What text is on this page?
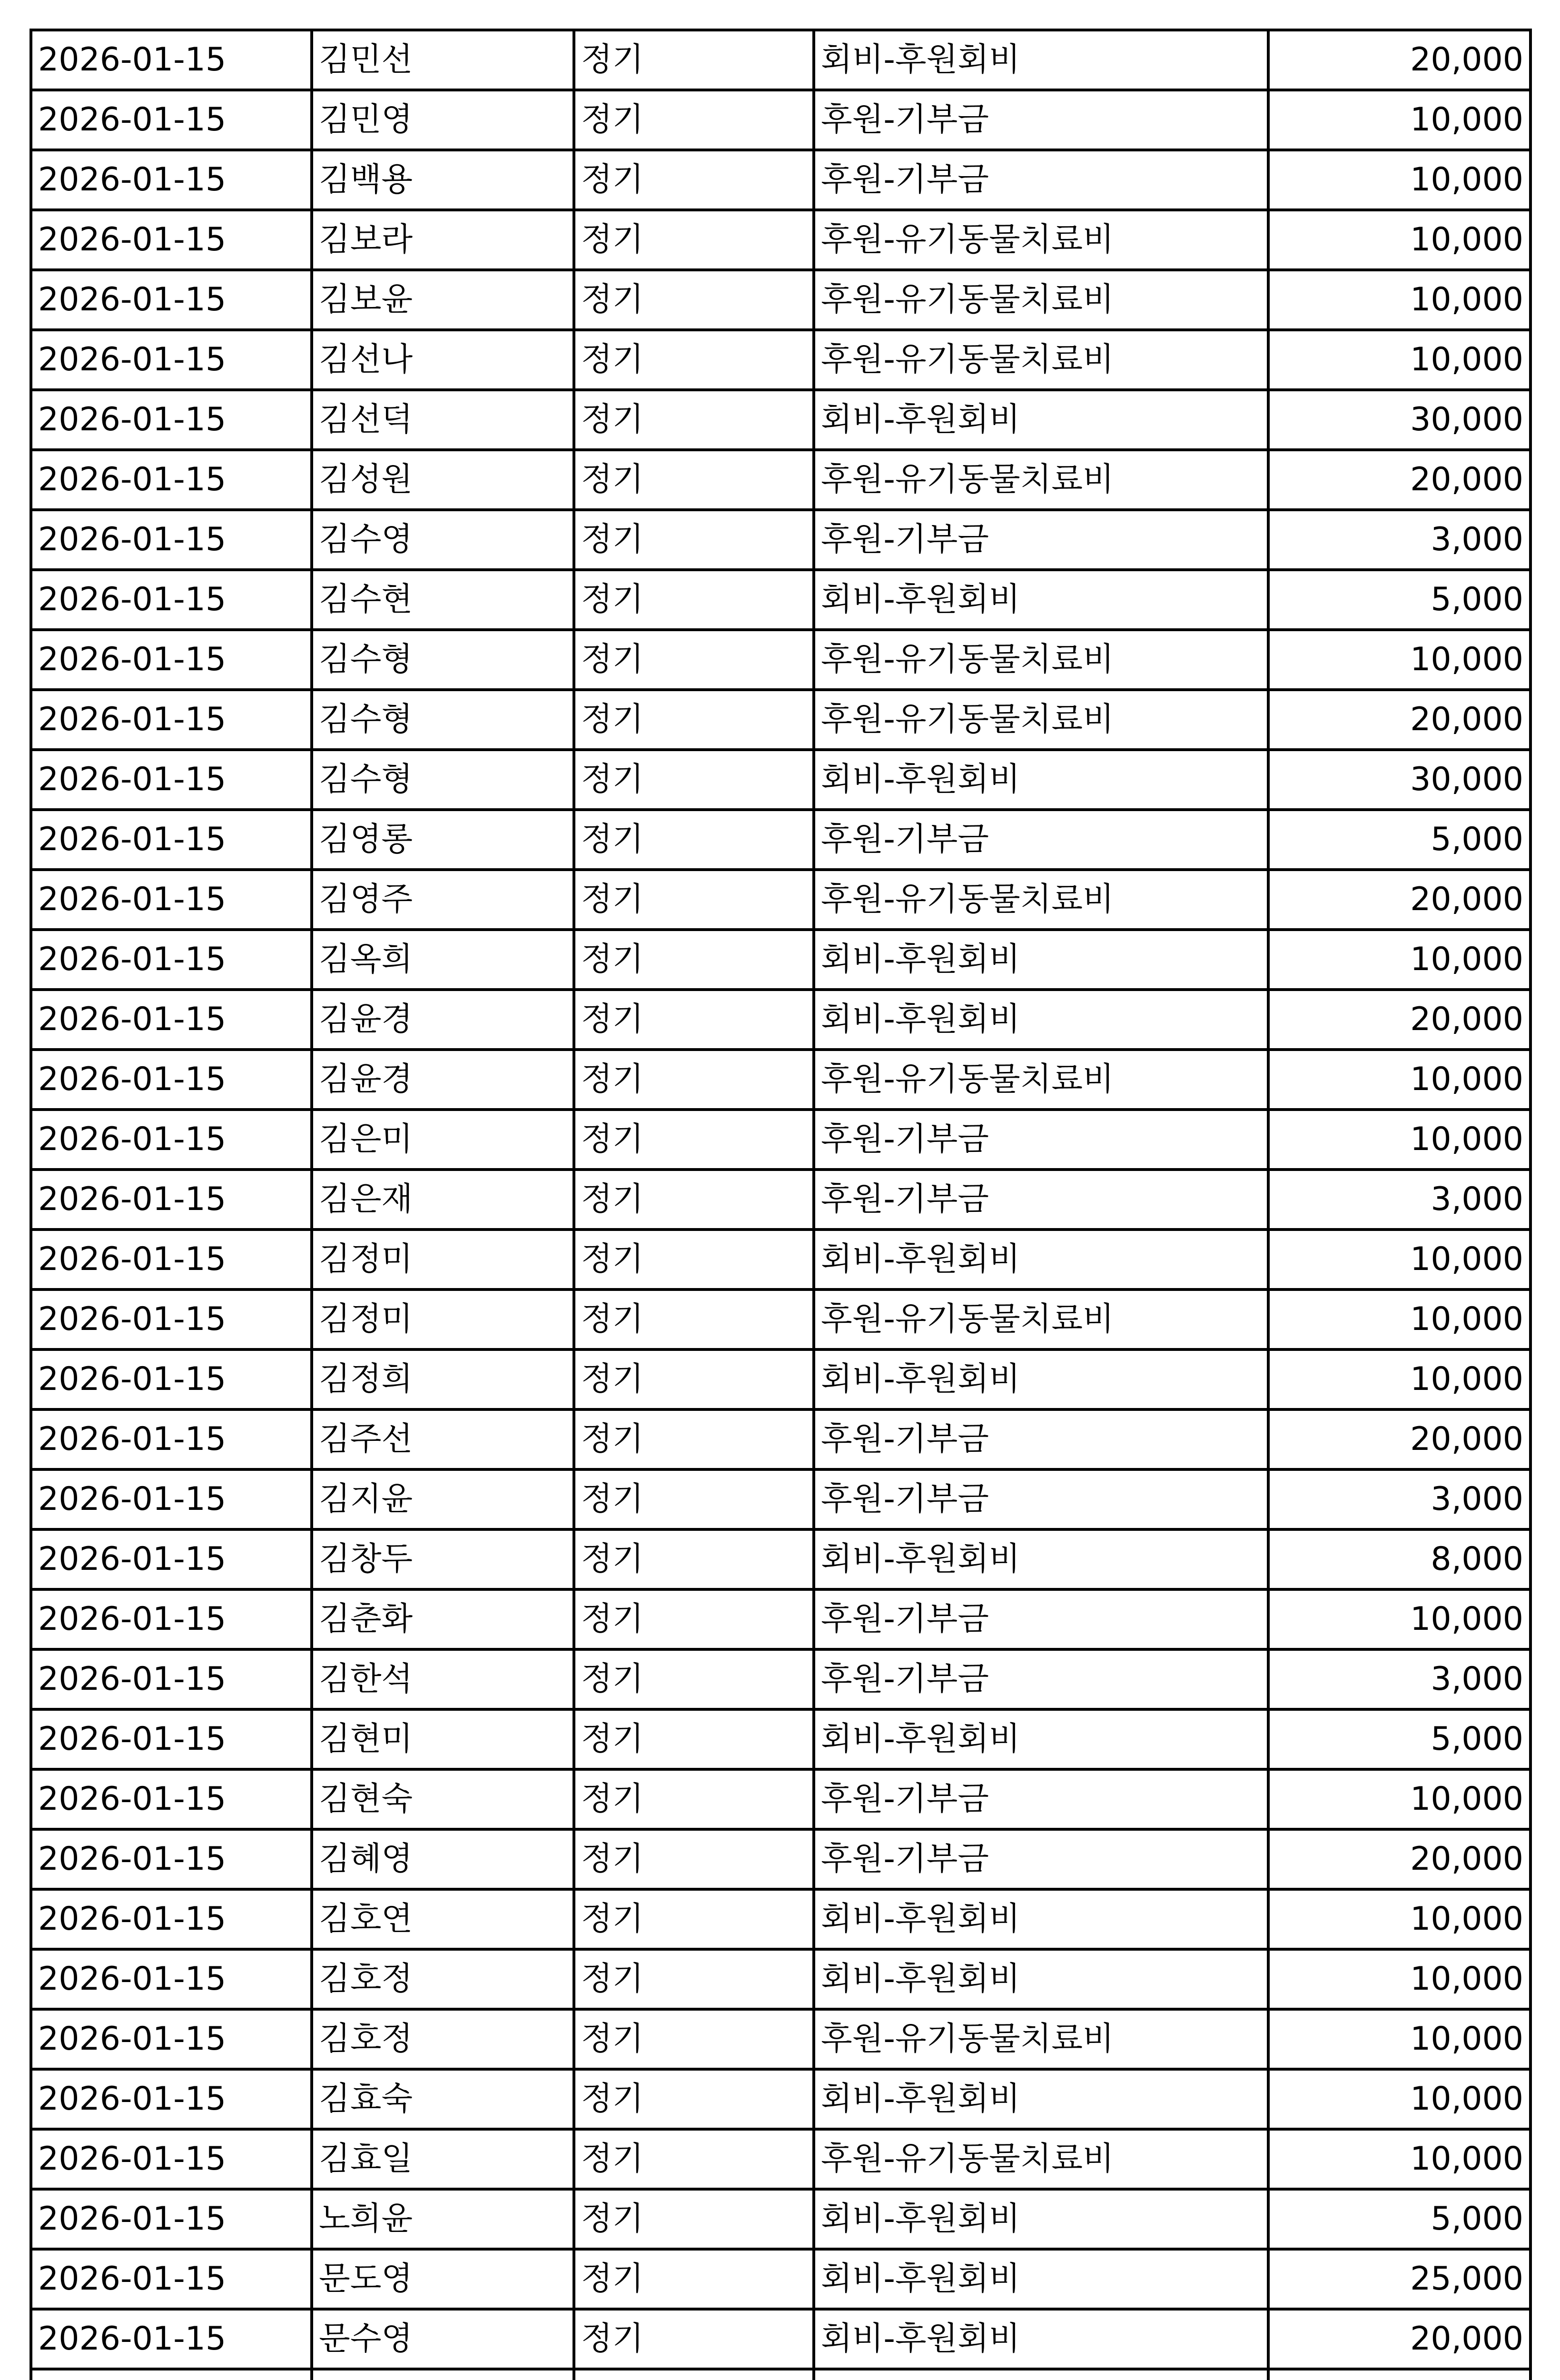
2026-01-15	김민선	정기	회비-후원회비	20,000
2026-01-15	김민영	정기	후원-기부금	10,000
2026-01-15	김백용	정기	후원-기부금	10,000
2026-01-15	김보라	정기	후원-유기동물치료비	10,000
2026-01-15	김보윤	정기	후원-유기동물치료비	10,000
2026-01-15	김선나	정기	후원-유기동물치료비	10,000
2026-01-15	김선덕	정기	회비-후원회비	30,000
2026-01-15	김성원	정기	후원-유기동물치료비	20,000
2026-01-15	김수영	정기	후원-기부금	3,000
2026-01-15	김수현	정기	회비-후원회비	5,000
2026-01-15	김수형	정기	후원-유기동물치료비	10,000
2026-01-15	김수형	정기	후원-유기동물치료비	20,000
2026-01-15	김수형	정기	회비-후원회비	30,000
2026-01-15	김영롱	정기	후원-기부금	5,000
2026-01-15	김영주	정기	후원-유기동물치료비	20,000
2026-01-15	김옥희	정기	회비-후원회비	10,000
2026-01-15	김윤경	정기	회비-후원회비	20,000
2026-01-15	김윤경	정기	후원-유기동물치료비	10,000
2026-01-15	김은미	정기	후원-기부금	10,000
2026-01-15	김은재	정기	후원-기부금	3,000
2026-01-15	김정미	정기	회비-후원회비	10,000
2026-01-15	김정미	정기	후원-유기동물치료비	10,000
2026-01-15	김정희	정기	회비-후원회비	10,000
2026-01-15	김주선	정기	후원-기부금	20,000
2026-01-15	김지윤	정기	후원-기부금	3,000
2026-01-15	김창두	정기	회비-후원회비	8,000
2026-01-15	김춘화	정기	후원-기부금	10,000
2026-01-15	김한석	정기	후원-기부금	3,000
2026-01-15	김현미	정기	회비-후원회비	5,000
2026-01-15	김현숙	정기	후원-기부금	10,000
2026-01-15	김혜영	정기	후원-기부금	20,000
2026-01-15	김호연	정기	회비-후원회비	10,000
2026-01-15	김호정	정기	회비-후원회비	10,000
2026-01-15	김호정	정기	후원-유기동물치료비	10,000
2026-01-15	김효숙	정기	회비-후원회비	10,000
2026-01-15	김효일	정기	후원-유기동물치료비	10,000
2026-01-15	노희윤	정기	회비-후원회비	5,000
2026-01-15	문도영	정기	회비-후원회비	25,000
2026-01-15	문수영	정기	회비-후원회비	20,000
